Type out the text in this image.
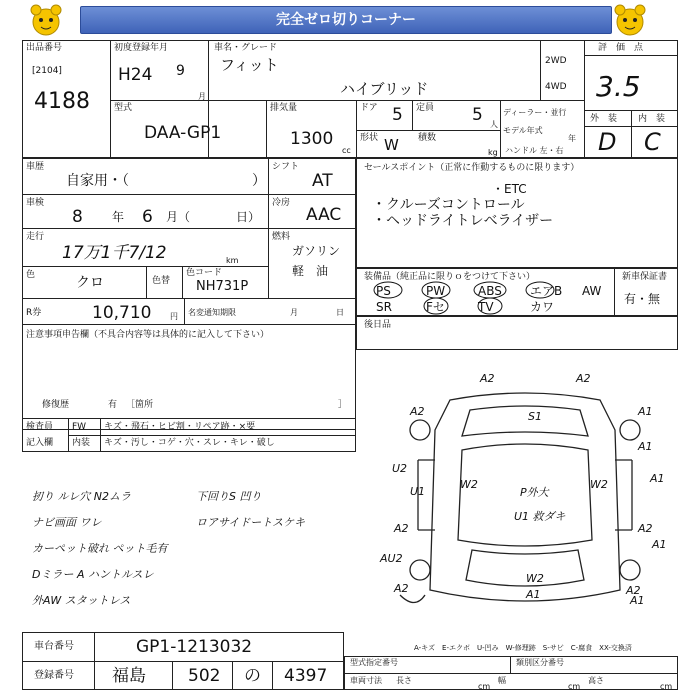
完全ゼロ切りコーナー
出品番号
[2104]
4188
初度登録年月
H24 9
月
車名・グレード
フィット
ハイブリッド
2WD
4WD
評　価　点
3.5
外　装 内　装
D C
型式
DAA-GP1
排気量
1300
cc
ドア 5 定員 5 人
形状 W 積数
kg
ディーラー・並行
モデル年式
年
ハンドル 左・右
車歴
自家用・（	）
シフト
AT
車検
8 年 6 月（	日）
冷房
AAC
走行
17万1千7/12	km
燃料
ガソリン
軽　油
色	クロ	色替
色コード
NH731P
R券	10,710 円 名変通知期限	月	日
注意事項申告欄（不具合内容等は具体的に記入して下さい）
修復歴	有 ［箇所	］
検査員
記入欄
FW キズ・飛石・ヒビ割・リペア跡・×要
内装 キズ・汚し・コゲ・穴・スレ・キレ・破し
扨り ルレ穴 N2ムラ
ナビ画面 ワレ
カーペット破れ ペット毛有
Dミラー A ハントルスレ
外AW スタットレス
下回りS 凹り
ロアサイドートスケキ
セールスポイント（正常に作動するものに限ります）
・ETC
・クルーズコントロール
・ヘッドライトレベライザー
装備品（純正品に限りｏをつけて下さい）	新車保証書
有・無
PS	PW	ABS エアB AW
SR	Fセ	TV	カワ
後日品
A2	A2
A2	A1
S1
U2
U1
W2	W2
A1
A1
P外大
U1 救ダキ
A2	A2
AU2
A1
A2
W2
A1	A2
A1
車台番号	GP1-1213032
登録番号 福島 502 の 4397
A-キズ　E-エクボ　U-凹み　W-修理跡　S-サビ　C-腐食　XX-交換済
型式指定番号	類別区分番号
車両寸法 長さ
cm
幅
cm
高さ
cm
